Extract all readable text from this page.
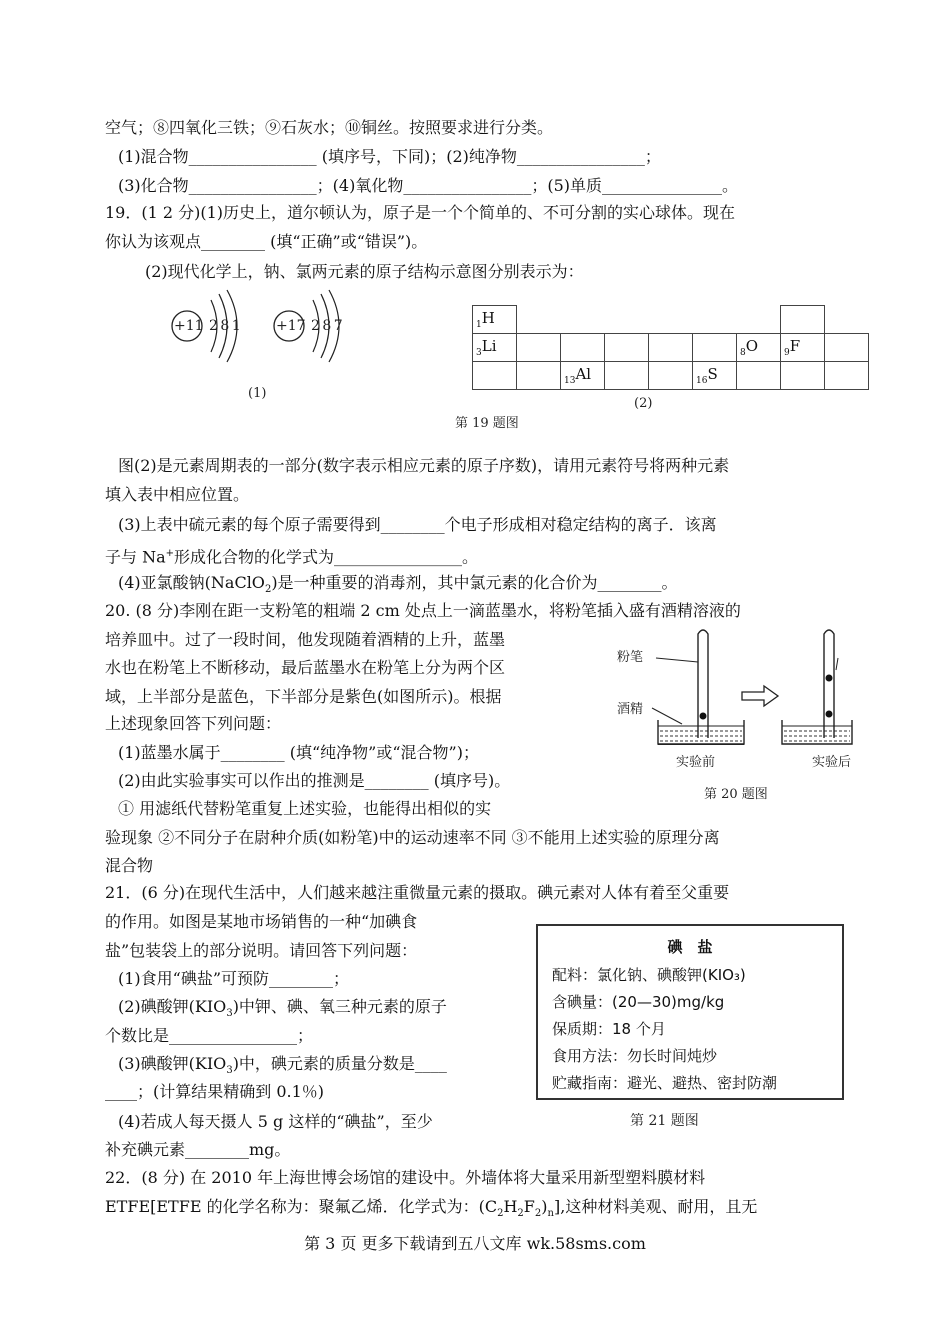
空气；⑧四氧化三铁；⑨石灰水；⑩铜丝。按照要求进行分类。
(1)混合物________________ (填序号，下同)；(2)纯净物________________；
(3)化合物________________；(4)氧化物________________；(5)单质_______________。
19．(1 2 分)(1)历史上，道尔顿认为，原子是一个个简单的、不可分割的实心球体。现在
你认为该观点________ (填“正确”或“错误”)。
(2)现代化学上，钠、氯两元素的原子结构示意图分别表示为：
+11 2 8 1	+17 2 8 7
(1)
$_1$H								
$_3$Li						$_8$O	$_9$F	
		$_{13}$Al			$_{16}$S			
(2)
第 19 题图
图(2)是元素周期表的一部分(数字表示相应元素的原子序数)，请用元素符号将两种元素
填入表中相应位置。
(3)上表中硫元素的每个原子需要得到________个电子形成相对稳定结构的离子．该离
子与 Na+形成化合物的化学式为________________。
(4)亚氯酸钠(NaClO$_2$)是一种重要的消毒剂，其中氯元素的化合价为________。
20. (8 分)李刚在距一支粉笔的粗端 2 cm 处点上一滴蓝墨水，将粉笔插入盛有酒精溶液的
培养皿中。过了一段时间，他发现随着酒精的上升，蓝墨
水也在粉笔上不断移动，最后蓝墨水在粉笔上分为两个区
域，上半部分是蓝色，下半部分是紫色(如图所示)。根据
上述现象回答下列问题：
(1)蓝墨水属于________ (填“纯净物”或“混合物”)；
(2)由此实验事实可以作出的推测是________ (填序号)。
① 用滤纸代替粉笔重复上述实验，也能得出相似的实
验现象 ②不同分子在尉种介质(如粉笔)中的运动速率不同 ③不能用上述实验的原理分离
混合物
粉笔
酒精
实验前	实验后
第 20 题图
21．(6 分)在现代生活中，人们越来越注重微量元素的摄取。碘元素对人体有着至父重要
的作用。如图是某地市场销售的一种“加碘食
盐”包装袋上的部分说明。请回答下列问题：
(1)食用“碘盐”可预防________；
(2)碘酸钾$(KIO_3)$中钾、碘、氧三种元素的原子
个数比是________________；
(3)碘酸钾$(KIO_3)$中，碘元素的质量分数是____
____；(计算结果精确到 0.1％)
(4)若成人每天摄人 5 g 这样的“碘盐”，至少
补充碘元素________mg。
碘　盐
配料：氯化钠、碘酸钾(KIO₃)
含碘量：(20—30)mg/kg
保质期：18 个月
食用方法：勿长时间炖炒
贮藏指南：避光、避热、密封防潮
第 21 题图
22．(8 分) 在 2010 年上海世博会场馆的建设中。外墙体将大量采用新型塑料膜材料
ETFE[ETFE 的化学名称为：聚氟乙烯．化学式为：$(C_2H_2F_2)_n$],这种材料美观、耐用，且无
第 3 页 更多下载请到五八文库 wk.58sms.com
